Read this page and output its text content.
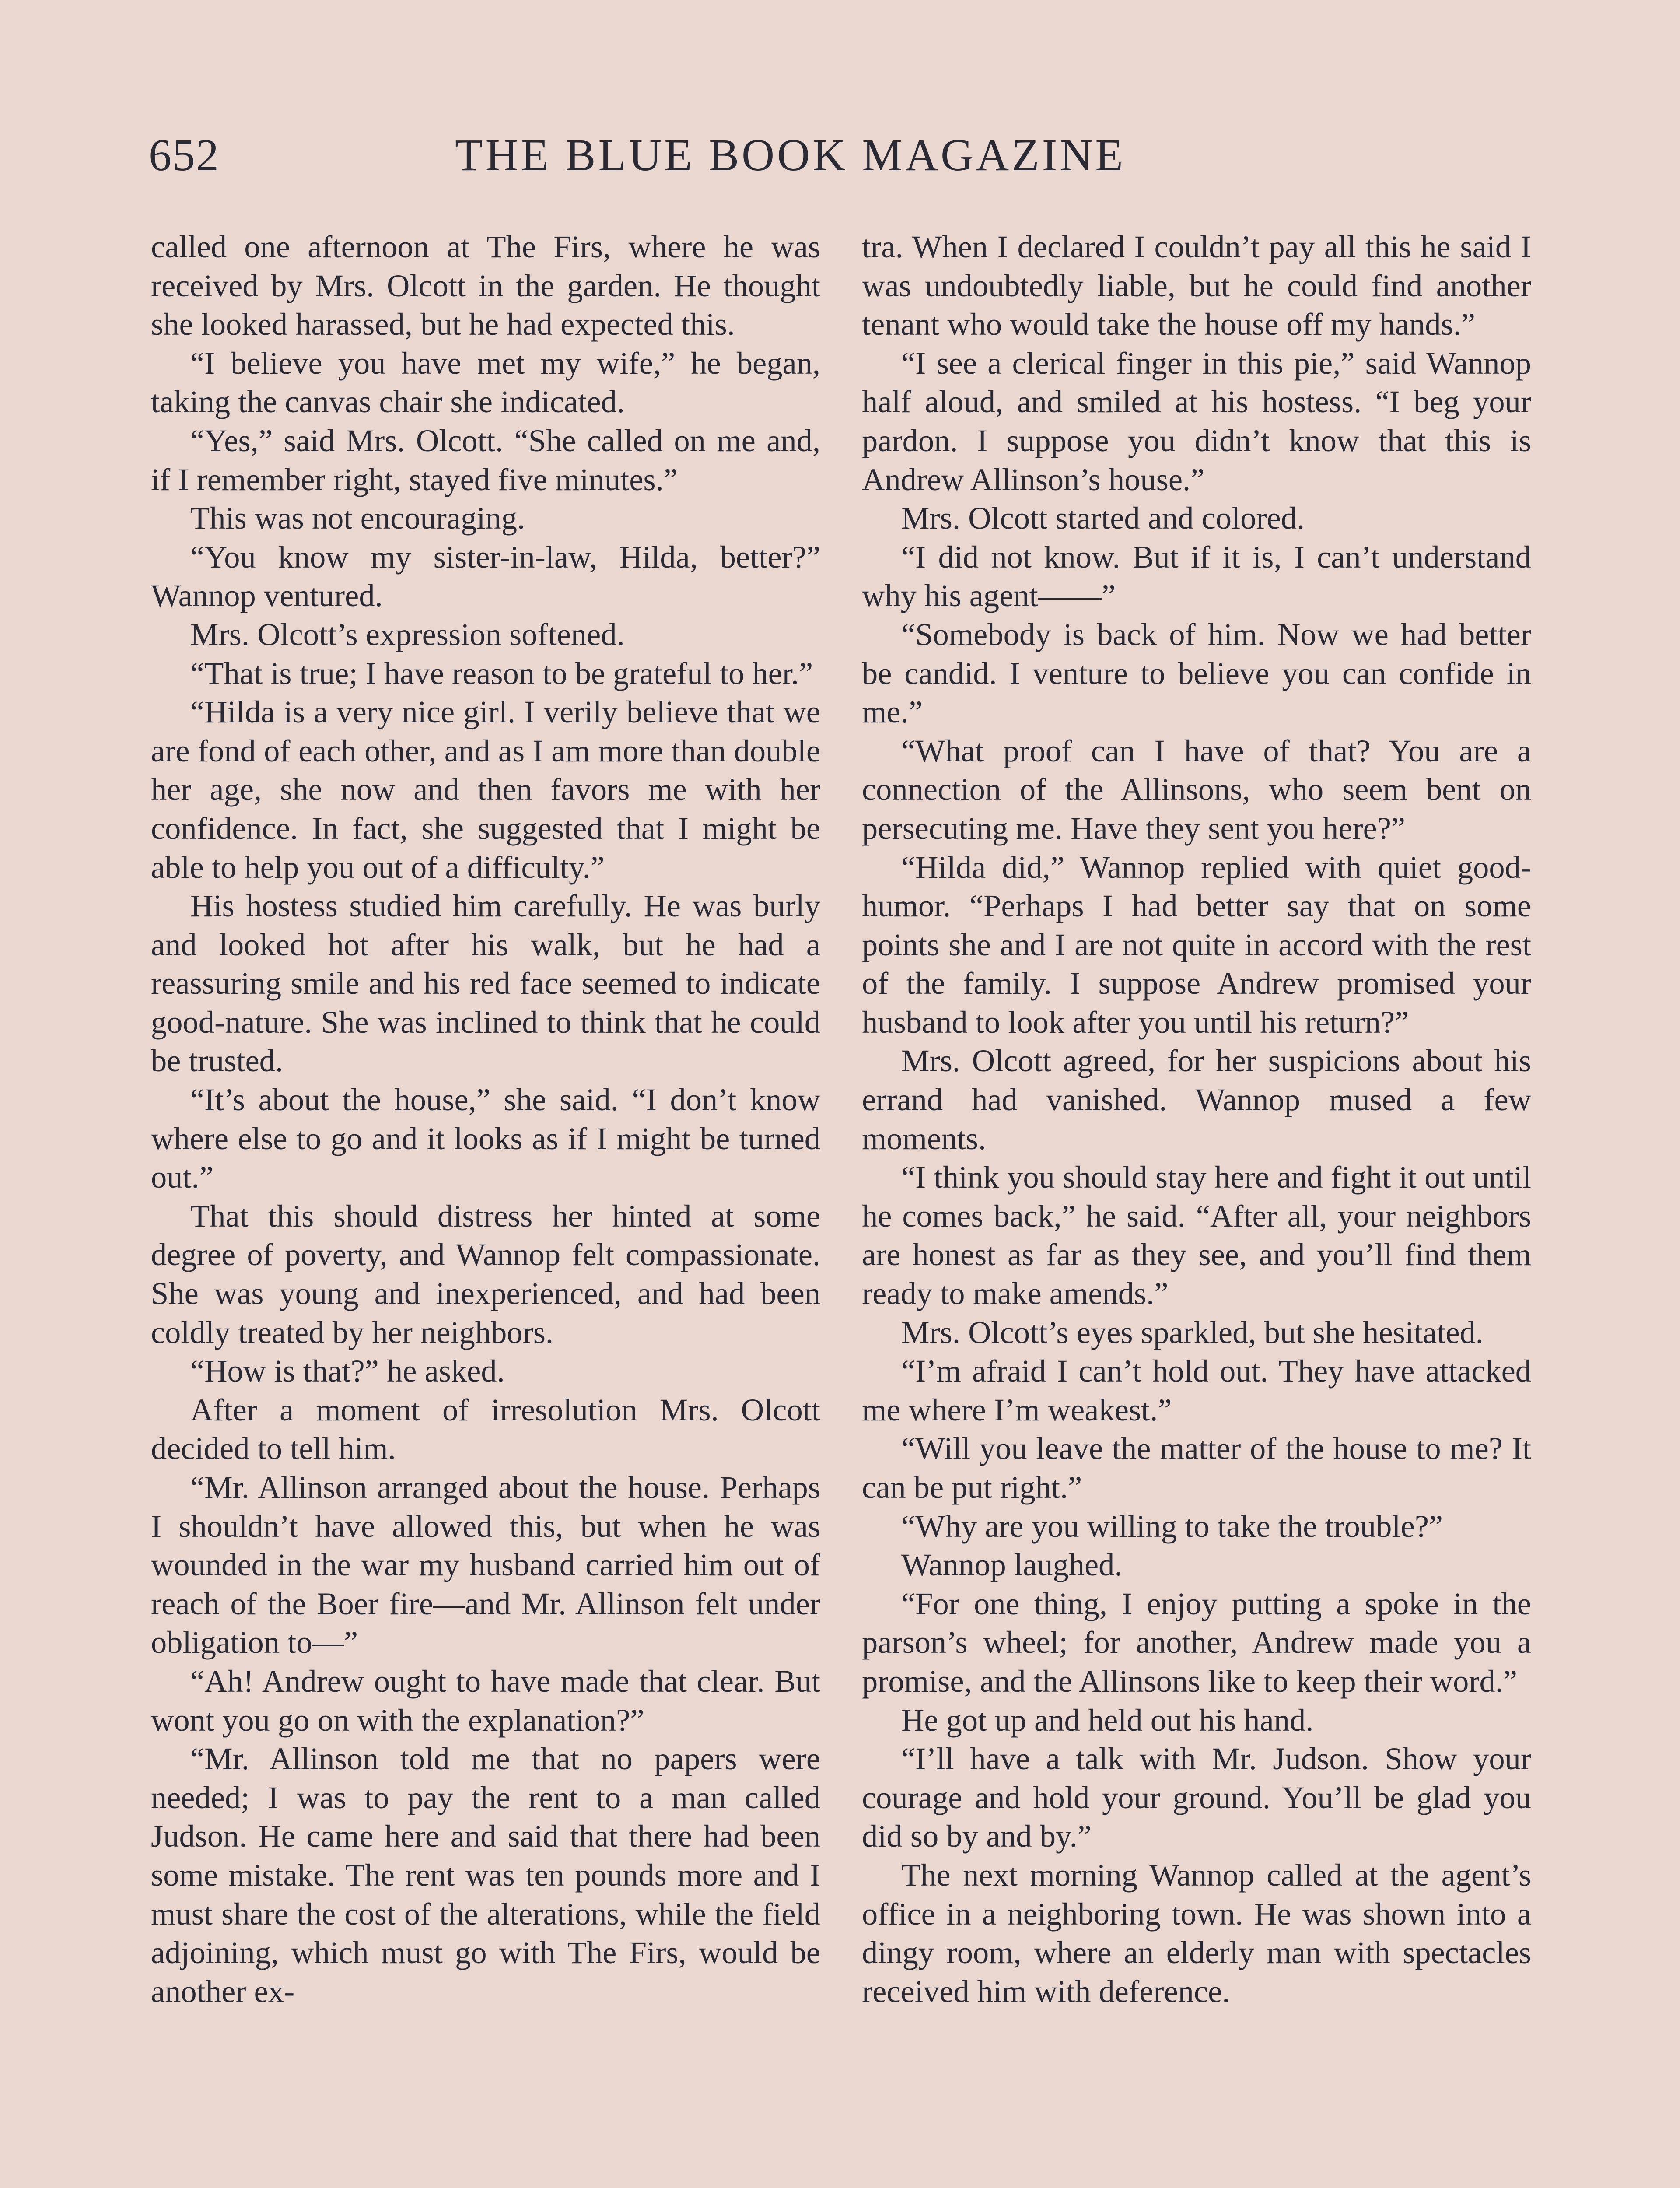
652	THE BLUE BOOK MAGAZINE

called one afternoon at The Firs, where he was received by Mrs. Olcott in the garden. He thought she looked harassed, but he had expected this.

“I believe you have met my wife,” he began, taking the canvas chair she indicated.

“Yes,” said Mrs. Olcott. “She called on me and, if I remember right, stayed five minutes.”

This was not encouraging.

“You know my sister-in-law, Hilda, better?” Wannop ventured.

Mrs. Olcott’s expression softened.

“That is true; I have reason to be grateful to her.”

“Hilda is a very nice girl. I verily believe that we are fond of each other, and as I am more than double her age, she now and then favors me with her confidence. In fact, she suggested that I might be able to help you out of a difficulty.”

His hostess studied him carefully. He was burly and looked hot after his walk, but he had a reassuring smile and his red face seemed to indicate good-nature. She was inclined to think that he could be trusted.

“It’s about the house,” she said. “I don’t know where else to go and it looks as if I might be turned out.”

That this should distress her hinted at some degree of poverty, and Wannop felt compassionate. She was young and inexperienced, and had been coldly treated by her neighbors.

“How is that?” he asked.

After a moment of irresolution Mrs. Olcott decided to tell him.

“Mr. Allinson arranged about the house. Perhaps I shouldn’t have allowed this, but when he was wounded in the war my husband carried him out of reach of the Boer fire—and Mr. Allinson felt under obligation to—”

“Ah! Andrew ought to have made that clear. But wont you go on with the explanation?”

“Mr. Allinson told me that no papers were needed; I was to pay the rent to a man called Judson. He came here and said that there had been some mistake. The rent was ten pounds more and I must share the cost of the alterations, while the field adjoining, which must go with The Firs, would be another ex-

tra. When I declared I couldn’t pay all this he said I was undoubtedly liable, but he could find another tenant who would take the house off my hands.”

“I see a clerical finger in this pie,” said Wannop half aloud, and smiled at his hostess. “I beg your pardon. I suppose you didn’t know that this is Andrew Allinson’s house.”

Mrs. Olcott started and colored.

“I did not know. But if it is, I can’t understand why his agent——”

“Somebody is back of him. Now we had better be candid. I venture to believe you can confide in me.”

“What proof can I have of that? You are a connection of the Allinsons, who seem bent on persecuting me. Have they sent you here?”

“Hilda did,” Wannop replied with quiet good-humor. “Perhaps I had better say that on some points she and I are not quite in accord with the rest of the family. I suppose Andrew promised your husband to look after you until his return?”

Mrs. Olcott agreed, for her suspicions about his errand had vanished. Wannop mused a few moments.

“I think you should stay here and fight it out until he comes back,” he said. “After all, your neighbors are honest as far as they see, and you’ll find them ready to make amends.”

Mrs. Olcott’s eyes sparkled, but she hesitated.

“I’m afraid I can’t hold out. They have attacked me where I’m weakest.”

“Will you leave the matter of the house to me? It can be put right.”

“Why are you willing to take the trouble?”

Wannop laughed.

“For one thing, I enjoy putting a spoke in the parson’s wheel; for another, Andrew made you a promise, and the Allinsons like to keep their word.”

He got up and held out his hand.

“I’ll have a talk with Mr. Judson. Show your courage and hold your ground. You’ll be glad you did so by and by.”

The next morning Wannop called at the agent’s office in a neighboring town. He was shown into a dingy room, where an elderly man with spectacles received him with deference.
